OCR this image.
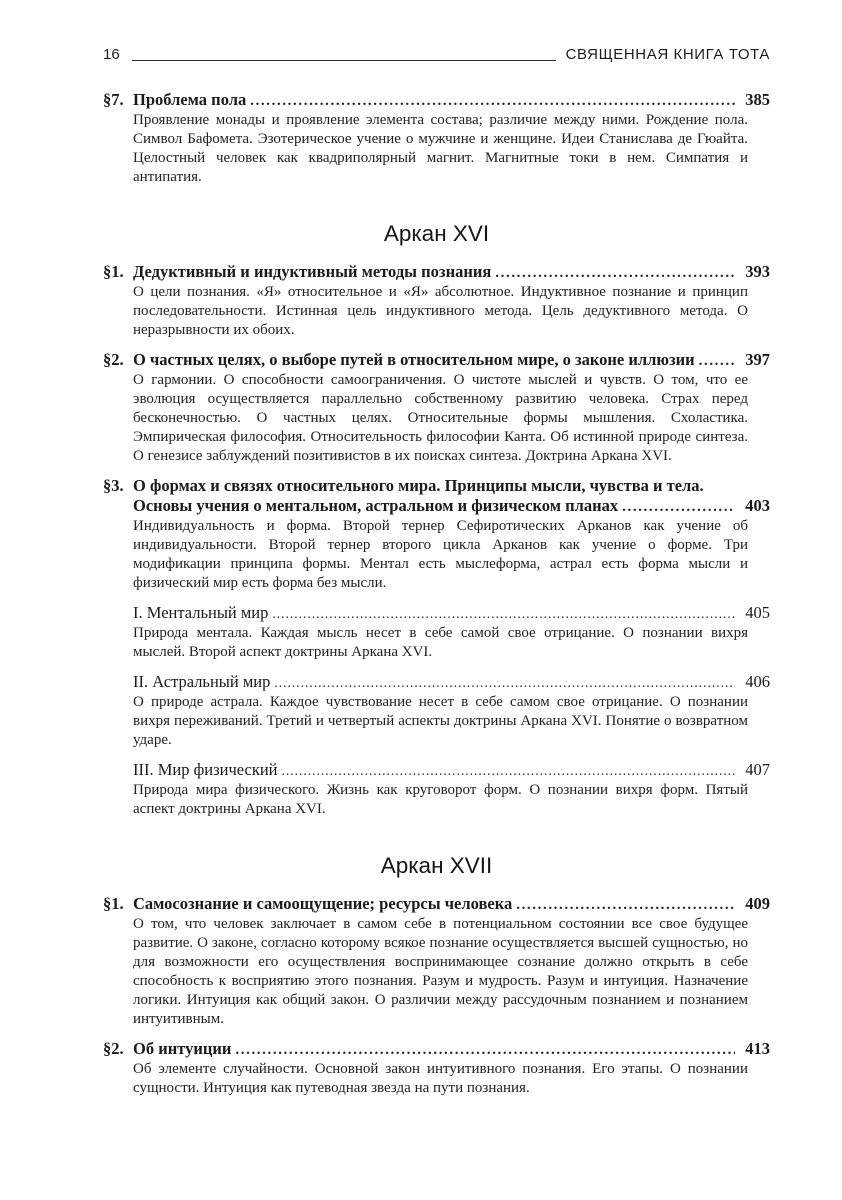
16	СВЯЩЕННАЯ КНИГА ТОТА
§7. Проблема пола .....	385
Проявление монады и проявление элемента состава; различие между ними. Рождение пола. Символ Бафомета. Эзотерическое учение о мужчине и женщине. Идеи Станислава де Гюайта. Целостный человек как квадриполярный магнит. Магнитные токи в нем. Симпатия и антипатия.
Аркан XVI
§1. Дедуктивный и индуктивный методы познания .....	393
О цели познания. «Я» относительное и «Я» абсолютное. Индуктивное познание и принцип последовательности. Истинная цель индуктивного метода. Цель дедуктивного метода. О неразрывности их обоих.
§2. О частных целях, о выборе путей в относительном мире, о законе иллюзии .....	397
О гармонии. О способности самоограничения. О чистоте мыслей и чувств. О том, что ее эволюция осуществляется параллельно собственному развитию человека. Страх перед бесконечностью. О частных целях. Относительные формы мышления. Схоластика. Эмпирическая философия. Относительность философии Канта. Об истинной природе синтеза. О генезисе заблуждений позитивистов в их поисках синтеза. Доктрина Аркана XVI.
§3. О формах и связях относительного мира. Принципы мысли, чувства и тела.
Основы учения о ментальном, астральном и физическом планах .....	403
Индивидуальность и форма. Второй тернер Сефиротических Арканов как учение об индивидуальности. Второй тернер второго цикла Арканов как учение о форме. Три модификации принципа формы. Ментал есть мыслеформа, астрал есть форма мысли и физический мир есть форма без мысли.
I. Ментальный мир .....	405
Природа ментала. Каждая мысль несет в себе самой свое отрицание. О познании вихря мыслей. Второй аспект доктрины Аркана XVI.
II. Астральный мир .....	406
О природе астрала. Каждое чувствование несет в себе самом свое отрицание. О познании вихря переживаний. Третий и четвертый аспекты доктрины Аркана XVI. Понятие о возвратном ударе.
III. Мир физический .....	407
Природа мира физического. Жизнь как круговорот форм. О познании вихря форм. Пятый аспект доктрины Аркана XVI.
Аркан XVII
§1. Самосознание и самоощущение; ресурсы человека .....	409
О том, что человек заключает в самом себе в потенциальном состоянии все свое будущее развитие. О законе, согласно которому всякое познание осуществляется высшей сущностью, но для возможности его осуществления воспринимающее сознание должно открыть в себе способность к восприятию этого познания. Разум и мудрость. Разум и интуиция. Назначение логики. Интуиция как общий закон. О различии между рассудочным познанием и познанием интуитивным.
§2. Об интуиции .....	413
Об элементе случайности. Основной закон интуитивного познания. Его этапы. О познании сущности. Интуиция как путеводная звезда на пути познания.
